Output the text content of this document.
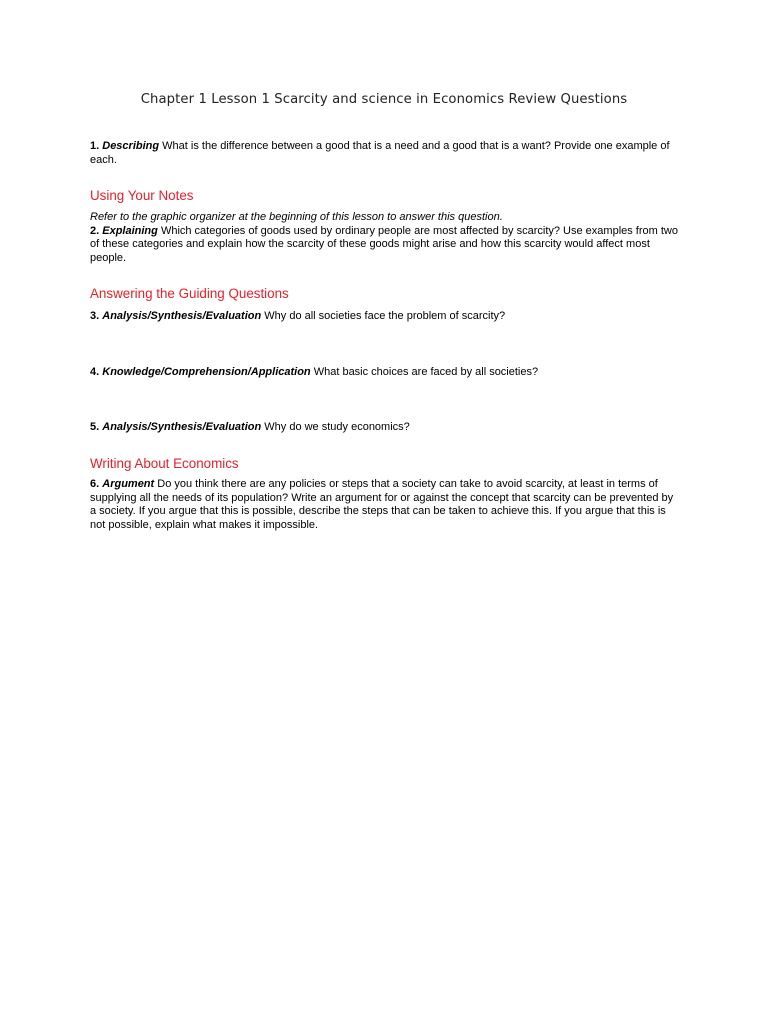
Chapter 1 Lesson 1 Scarcity and science in Economics Review Questions

1. Describing What is the difference between a good that is a need and a good that is a want? Provide one example of each.

Using Your Notes

Refer to the graphic organizer at the beginning of this lesson to answer this question.
2. Explaining Which categories of goods used by ordinary people are most affected by scarcity? Use examples from two of these categories and explain how the scarcity of these goods might arise and how this scarcity would affect most people.

Answering the Guiding Questions

3. Analysis/Synthesis/Evaluation Why do all societies face the problem of scarcity?

4. Knowledge/Comprehension/Application What basic choices are faced by all societies?

5. Analysis/Synthesis/Evaluation Why do we study economics?

Writing About Economics

6. Argument Do you think there are any policies or steps that a society can take to avoid scarcity, at least in terms of supplying all the needs of its population? Write an argument for or against the concept that scarcity can be prevented by a society. If you argue that this is possible, describe the steps that can be taken to achieve this. If you argue that this is not possible, explain what makes it impossible.
